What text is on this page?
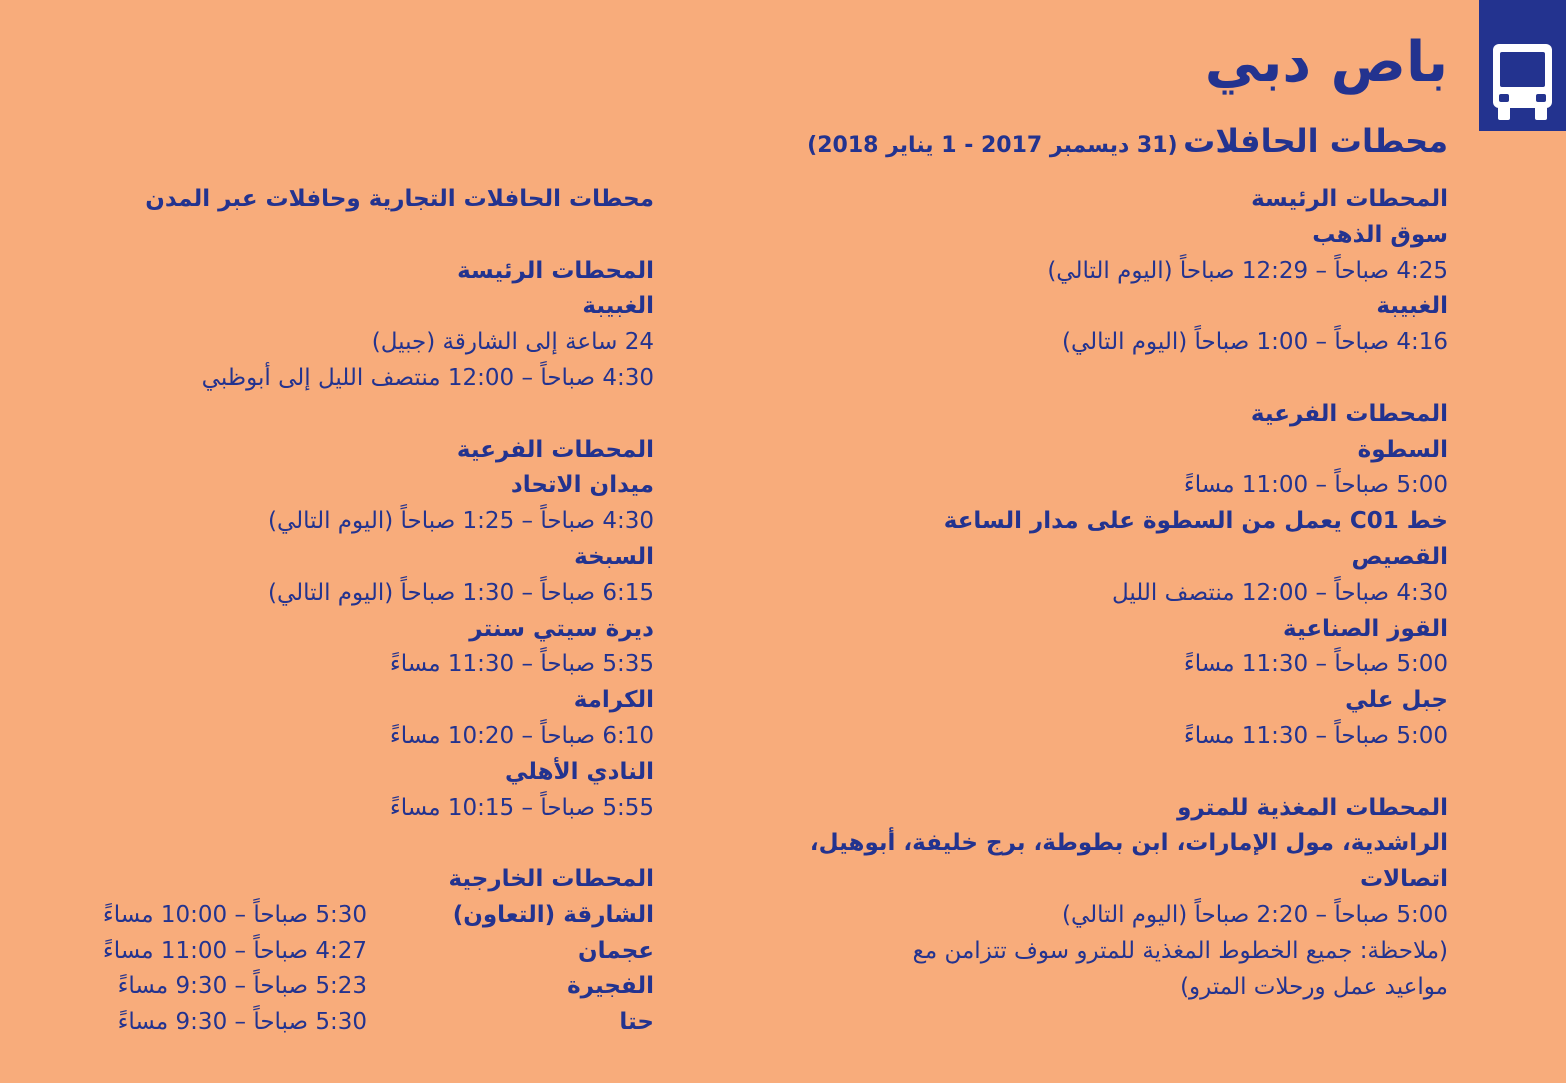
باص دبي
محطات الحافلات (31 ديسمبر 2017 - 1 يناير 2018)
المحطات الرئيسة
سوق الذهب
4:25 صباحاً – 12:29 صباحاً (اليوم التالي)
الغبيبة
4:16 صباحاً – 1:00 صباحاً (اليوم التالي)
المحطات الفرعية
السطوة
5:00 صباحاً – 11:00 مساءً
خط C01 يعمل من السطوة على مدار الساعة
القصيص
4:30 صباحاً – 12:00 منتصف الليل
القوز الصناعية
5:00 صباحاً – 11:30 مساءً
جبل علي
5:00 صباحاً – 11:30 مساءً
المحطات المغذية للمترو
الراشدية، مول الإمارات، ابن بطوطة، برج خليفة، أبوهيل،
اتصالات
5:00 صباحاً – 2:20 صباحاً (اليوم التالي)
(ملاحظة: جميع الخطوط المغذية للمترو سوف تتزامن مع
مواعيد عمل ورحلات المترو)
محطات الحافلات التجارية وحافلات عبر المدن
المحطات الرئيسة
الغبيبة
24 ساعة إلى الشارقة (جبيل)
4:30 صباحاً – 12:00 منتصف الليل إلى أبوظبي
المحطات الفرعية
ميدان الاتحاد
4:30 صباحاً – 1:25 صباحاً (اليوم التالي)
السبخة
6:15 صباحاً – 1:30 صباحاً (اليوم التالي)
ديرة سيتي سنتر
5:35 صباحاً – 11:30 مساءً
الكرامة
6:10 صباحاً – 10:20 مساءً
النادي الأهلي
5:55 صباحاً – 10:15 مساءً
المحطات الخارجية
الشارقة (التعاون)
5:30 صباحاً – 10:00 مساءً
عجمان
4:27 صباحاً – 11:00 مساءً
الفجيرة
5:23 صباحاً – 9:30 مساءً
حتا
5:30 صباحاً – 9:30 مساءً
